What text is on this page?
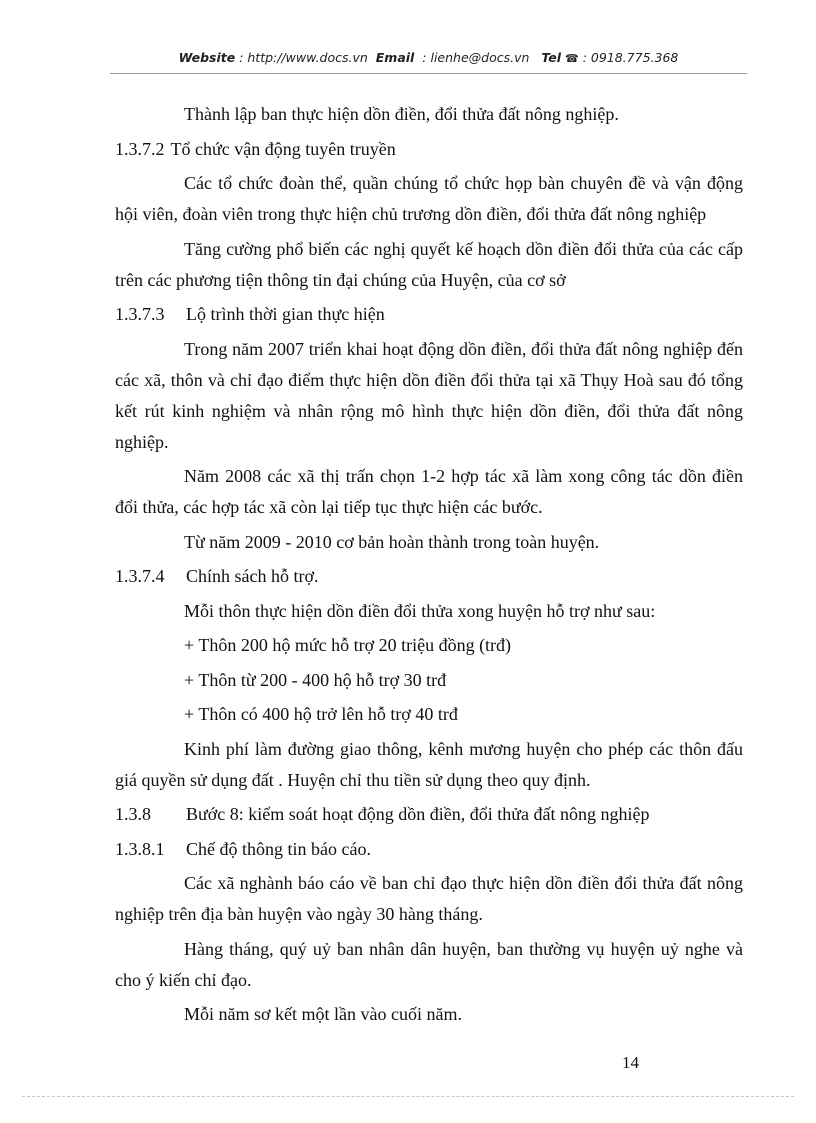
Website : http://www.docs.vn Email : lienhe@docs.vn Tel ☎ : 0918.775.368

Thành lập ban thực hiện dồn điền, đổi thửa đất nông nghiệp.

1.3.7.2 Tổ chức vận động tuyên truyền

Các tổ chức đoàn thể, quần chúng tổ chức họp bàn chuyên đề và vận động hội viên, đoàn viên trong thực hiện chủ trương dồn điền, đổi thửa đất nông nghiệp

Tăng cường phổ biến các nghị quyết kế hoạch dồn điền đổi thửa của các cấp trên các phương tiện thông tin đại chúng của Huyện, của cơ sở

1.3.7.3 Lộ trình thời gian thực hiện

Trong năm 2007 triển khai hoạt động dồn điền, đổi thửa đất nông nghiệp đến các xã, thôn và chỉ đạo điểm thực hiện dồn điền đổi thửa tại xã Thụy Hoà sau đó tổng kết rút kinh nghiệm và nhân rộng mô hình thực hiện dồn điền, đổi thửa đất nông nghiệp.

Năm 2008 các xã thị trấn chọn 1-2 hợp tác xã làm xong công tác dồn điền đổi thửa, các hợp tác xã còn lại tiếp tục thực hiện các bước.

Từ năm 2009 - 2010 cơ bản hoàn thành trong toàn huyện.

1.3.7.4 Chính sách hỗ trợ.

Mỗi thôn thực hiện dồn điền đổi thửa xong huyện hỗ trợ như sau:

+ Thôn 200 hộ mức hỗ trợ 20 triệu đồng (trđ)

+ Thôn từ 200 - 400 hộ hỗ trợ 30 trđ

+ Thôn có 400 hộ trở lên hỗ trợ 40 trđ

Kinh phí làm đường giao thông, kênh mương huyện cho phép các thôn đấu giá quyền sử dụng đất . Huyện chỉ thu tiền sử dụng theo quy định.

1.3.8 Bước 8: kiểm soát hoạt động dồn điền, đổi thửa đất nông nghiệp

1.3.8.1 Chế độ thông tin báo cáo.

Các xã nghành báo cáo về ban chỉ đạo thực hiện dồn điền đổi thửa đất nông nghiệp trên địa bàn huyện vào ngày 30 hàng tháng.

Hàng tháng, quý uỷ ban nhân dân huyện, ban thường vụ huyện uỷ nghe và cho ý kiến chỉ đạo.

Mỗi năm sơ kết một lần vào cuối năm.

14
